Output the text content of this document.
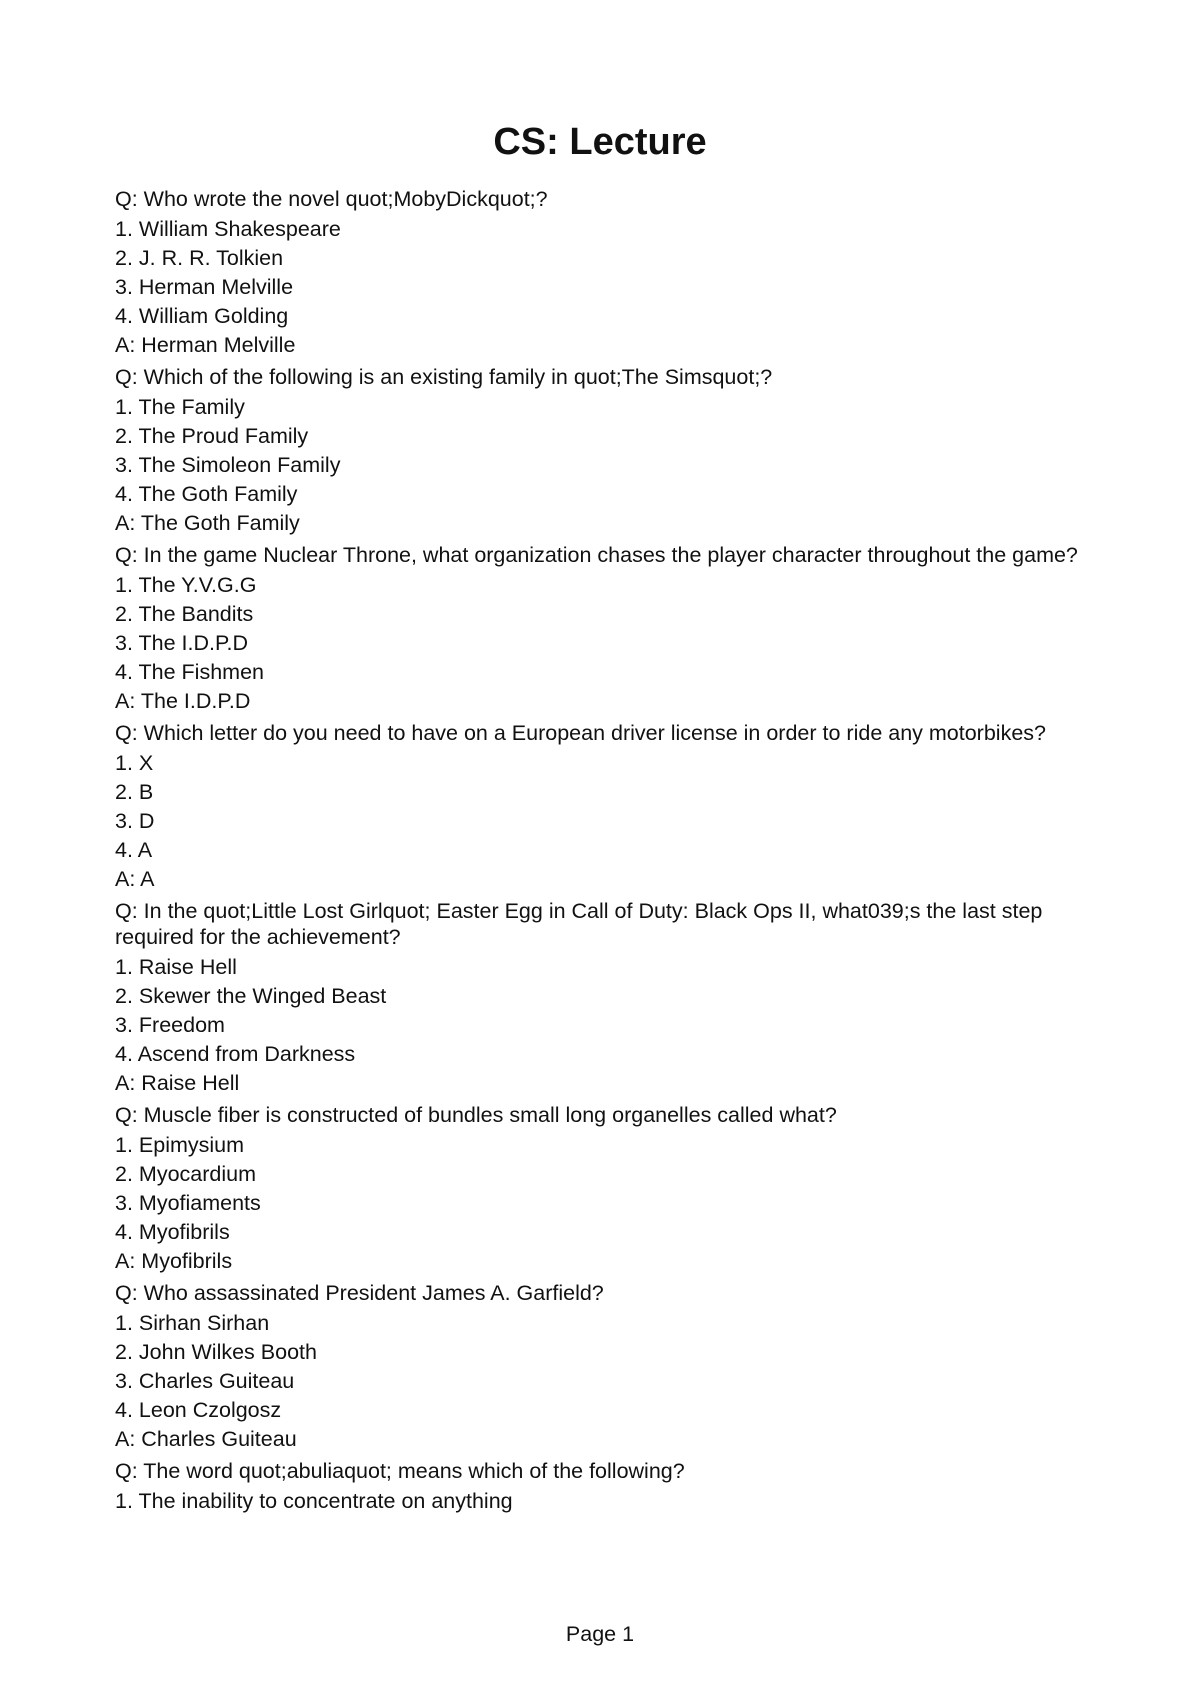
CS: Lecture
Q: Who wrote the novel quot;MobyDickquot;?
1. William Shakespeare
2. J. R. R. Tolkien
3. Herman Melville
4. William Golding
A: Herman Melville
Q: Which of the following is an existing family in quot;The Simsquot;?
1. The Family
2. The Proud Family
3. The Simoleon Family
4. The Goth Family
A: The Goth Family
Q: In the game Nuclear Throne, what organization chases the player character throughout the game?
1. The Y.V.G.G
2. The Bandits
3. The I.D.P.D
4. The Fishmen
A: The I.D.P.D
Q: Which letter do you need to have on a European driver license in order to ride any motorbikes?
1. X
2. B
3. D
4. A
A: A
Q: In the quot;Little Lost Girlquot; Easter Egg in Call of Duty: Black Ops II, what039;s the last step required for the achievement?
1. Raise Hell
2. Skewer the Winged Beast
3. Freedom
4. Ascend from Darkness
A: Raise Hell
Q: Muscle fiber is constructed of bundles small long organelles called what?
1. Epimysium
2. Myocardium
3. Myofiaments
4. Myofibrils
A: Myofibrils
Q: Who assassinated President James A. Garfield?
1. Sirhan Sirhan
2. John Wilkes Booth
3. Charles Guiteau
4. Leon Czolgosz
A: Charles Guiteau
Q: The word quot;abuliaquot; means which of the following?
1. The inability to concentrate on anything
Page 1
